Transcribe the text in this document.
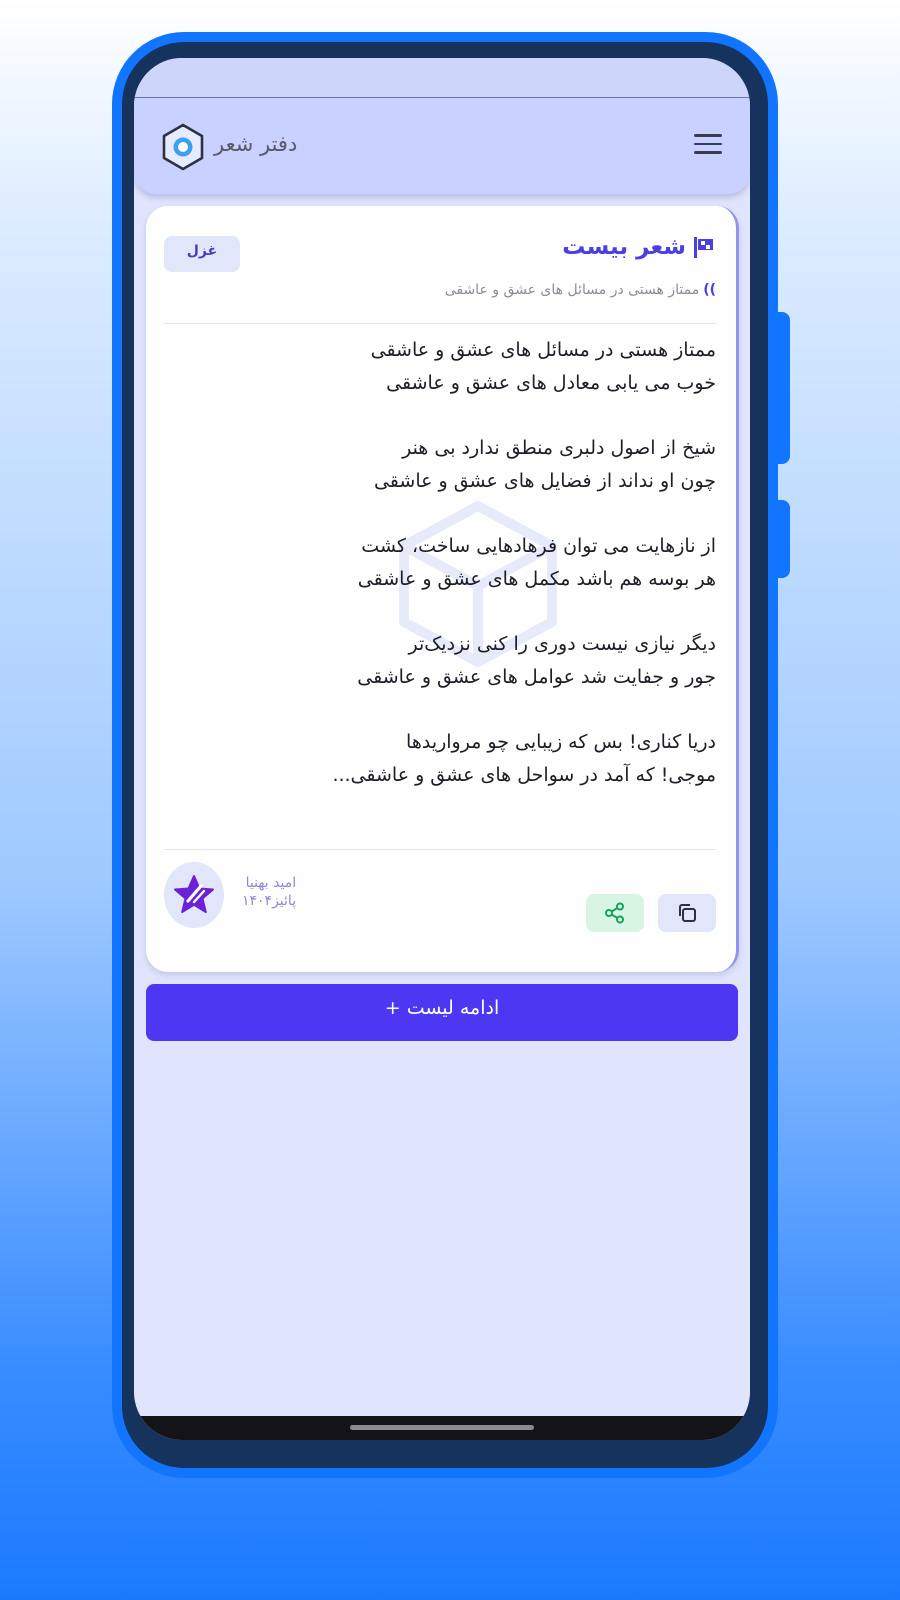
دفتر شعر
شعر بیست
غزل
))ممتاز هستی در مسائل های عشق و عاشقی
ممتاز هستی در مسائل های عشق و عاشقی
خوب می یابی معادل های عشق و عاشقی
شیخ از اصول دلبری منطق ندارد بی هنر
چون او نداند از فضایل های عشق و عاشقی
از نازهایت می توان فرهادهایی ساخت، کشت
هر بوسه هم باشد مکمل های عشق و عاشقی
دیگر نیازی نیست دوری را کنی نزدیک‌تر
جور و جفایت شد عوامل های عشق و عاشقی
دریا کناری! بس که زیبایی چو مرواریدها
موجی! که آمد در سواحل های عشق و عاشقی...
امید بهنیا
پائیز۱۴۰۴
ادامه لیست +
